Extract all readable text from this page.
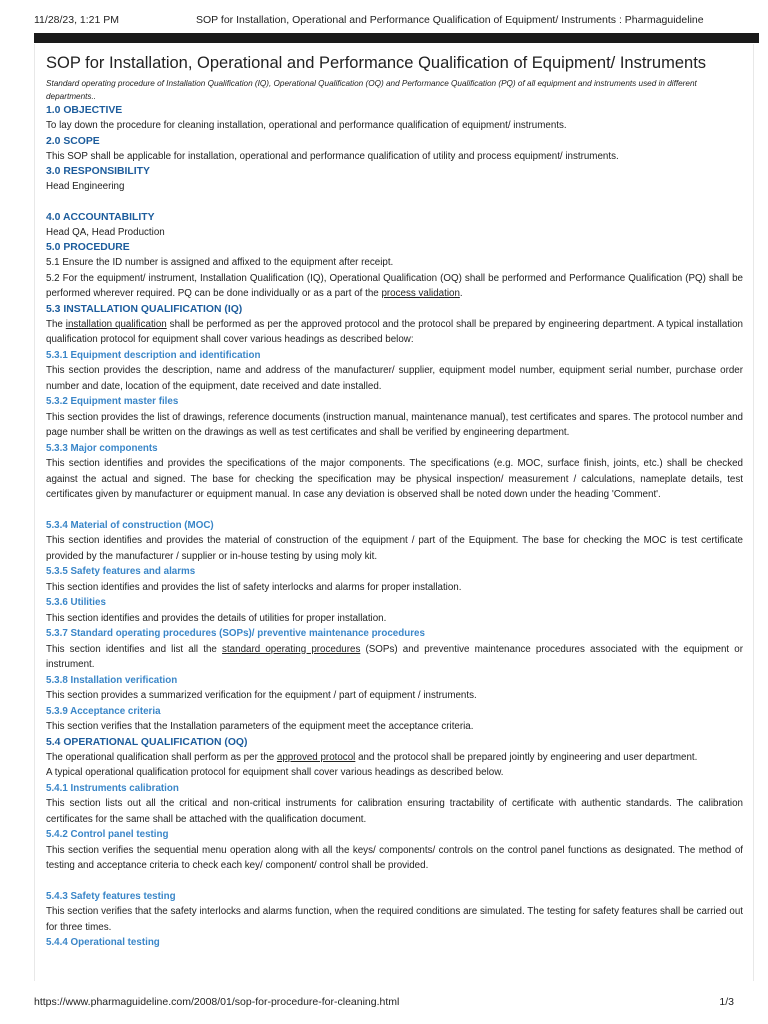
11/28/23, 1:21 PM	SOP for Installation, Operational and Performance Qualification of Equipment/ Instruments : Pharmaguideline
SOP for Installation, Operational and Performance Qualification of Equipment/ Instruments

Standard operating procedure of Installation Qualification (IQ), Operational Qualification (OQ) and Performance Qualification (PQ) of all equipment and instruments used in different departments..

1.0 OBJECTIVE

To lay down the procedure for cleaning installation, operational and performance qualification of equipment/ instruments.

2.0 SCOPE

This SOP shall be applicable for installation, operational and performance qualification of utility and process equipment/ instruments.

3.0 RESPONSIBILITY

Head Engineering

4.0 ACCOUNTABILITY

Head QA, Head Production

5.0 PROCEDURE

5.1 Ensure the ID number is assigned and affixed to the equipment after receipt.

5.2 For the equipment/ instrument, Installation Qualification (IQ), Operational Qualification (OQ) shall be performed and Performance Qualification (PQ) shall be performed wherever required. PQ can be done individually or as a part of the process validation.

5.3 INSTALLATION QUALIFICATION (IQ)

The installation qualification shall be performed as per the approved protocol and the protocol shall be prepared by engineering department. A typical installation qualification protocol for equipment shall cover various headings as described below:

5.3.1 Equipment description and identification

This section provides the description, name and address of the manufacturer/ supplier, equipment model number, equipment serial number, purchase order number and date, location of the equipment, date received and date installed.

5.3.2 Equipment master files

This section provides the list of drawings, reference documents (instruction manual, maintenance manual), test certificates and spares. The protocol number and page number shall be written on the drawings as well as test certificates and shall be verified by engineering department.

5.3.3 Major components

This section identifies and provides the specifications of the major components. The specifications (e.g. MOC, surface finish, joints, etc.) shall be checked against the actual and signed. The base for checking the specification may be physical inspection/ measurement / calculations, nameplate details, test certificates given by manufacturer or equipment manual. In case any deviation is observed shall be noted down under the heading 'Comment'.

5.3.4 Material of construction (MOC)

This section identifies and provides the material of construction of the equipment / part of the Equipment. The base for checking the MOC is test certificate provided by the manufacturer / supplier or in-house testing by using moly kit.

5.3.5 Safety features and alarms

This section identifies and provides the list of safety interlocks and alarms for proper installation.

5.3.6 Utilities

This section identifies and provides the details of utilities for proper installation.

5.3.7 Standard operating procedures (SOPs)/ preventive maintenance procedures

This section identifies and list all the standard operating procedures (SOPs) and preventive maintenance procedures associated with the equipment or instrument.

5.3.8 Installation verification

This section provides a summarized verification for the equipment / part of equipment / instruments.

5.3.9 Acceptance criteria

This section verifies that the Installation parameters of the equipment meet the acceptance criteria.

5.4 OPERATIONAL QUALIFICATION (OQ)

The operational qualification shall perform as per the approved protocol and the protocol shall be prepared jointly by engineering and user department.

A typical operational qualification protocol for equipment shall cover various headings as described below.

5.4.1 Instruments calibration

This section lists out all the critical and non-critical instruments for calibration ensuring tractability of certificate with authentic standards. The calibration certificates for the same shall be attached with the qualification document.

5.4.2 Control panel testing

This section verifies the sequential menu operation along with all the keys/ components/ controls on the control panel functions as designated. The method of testing and acceptance criteria to check each key/ component/ control shall be provided.

5.4.3 Safety features testing

This section verifies that the safety interlocks and alarms function, when the required conditions are simulated. The testing for safety features shall be carried out for three times.

5.4.4 Operational testing

https://www.pharmaguideline.com/2008/01/sop-for-procedure-for-cleaning.html	1/3
